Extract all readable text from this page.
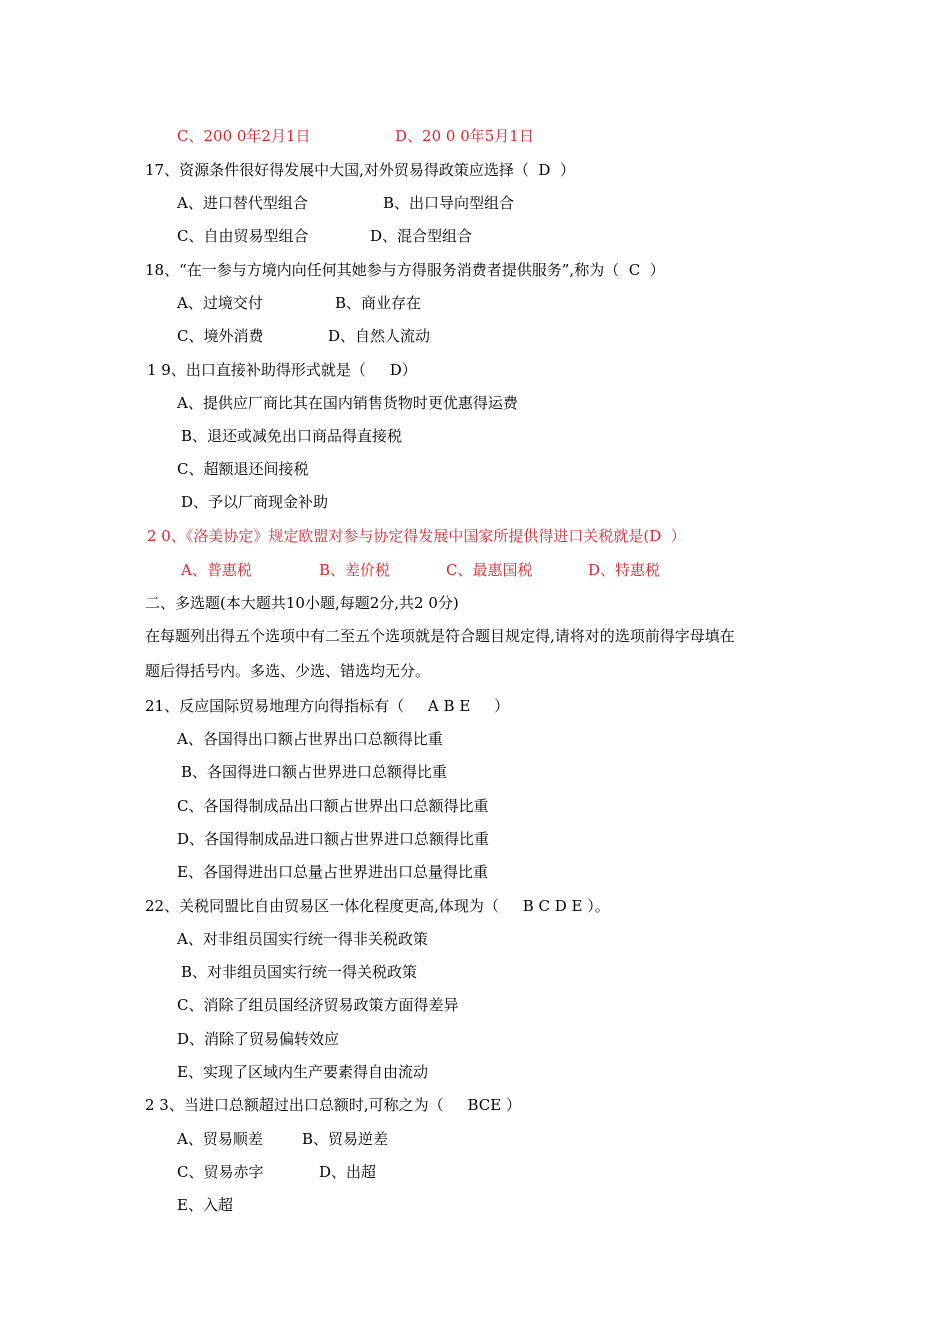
C、200 0年2月1日	D、20 0 0年5月1日
17、资源条件很好得发展中大国,对外贸易得政策应选择（  D  ）
A、进口替代型组合	B、出口导向型组合
C、自由贸易型组合	D、混合型组合
18、“在一参与方境内向任何其她参与方得服务消费者提供服务”,称为（  C  ）
A、过境交付	B、商业存在
C、境外消费	D、自然人流动
1 9、出口直接补助得形式就是（     D）
A、提供应厂商比其在国内销售货物时更优惠得运费
B、退还或减免出口商品得直接税
C、超额退还间接税
D、予以厂商现金补助
2 0、《洛美协定》规定欧盟对参与协定得发展中国家所提供得进口关税就是(D  ）
A、普惠税	B、差价税	C、最惠国税	D、特惠税
二、多选题(本大题共10小题,每题2分,共2 0分)
在每题列出得五个选项中有二至五个选项就是符合题目规定得,请将对的选项前得字母填在
题后得括号内。多选、少选、错选均无分。
21、反应国际贸易地理方向得指标有（     A B E     ）
A、各国得出口额占世界出口总额得比重
B、各国得进口额占世界进口总额得比重
C、各国得制成品出口额占世界出口总额得比重
D、各国得制成品进口额占世界进口总额得比重
E、各国得进出口总量占世界进出口总量得比重
22、关税同盟比自由贸易区一体化程度更高,体现为（     B C D E ）。
A、对非组员国实行统一得非关税政策
B、对非组员国实行统一得关税政策
C、消除了组员国经济贸易政策方面得差异
D、消除了贸易偏转效应
E、实现了区域内生产要素得自由流动
2 3、当进口总额超过出口总额时,可称之为（     BCE ）
A、贸易顺差	B、贸易逆差
C、贸易赤字	D、出超
E、入超
